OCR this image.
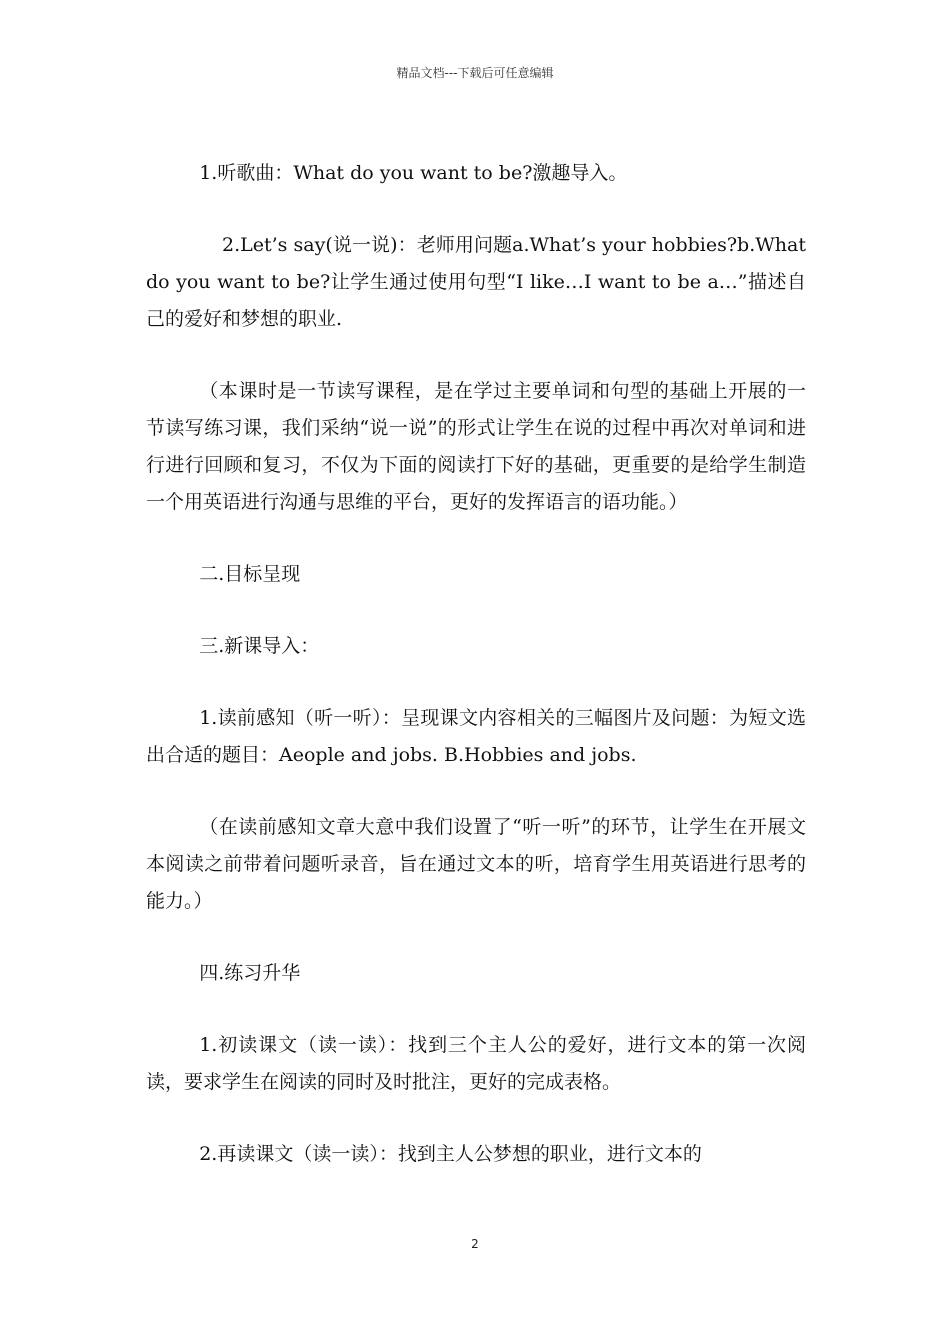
精品文档---下载后可任意编辑

1.听歌曲：What do you want to be?激趣导入。

2.Let’s say(说一说)：老师用问题a.What’s your hobbies?b.What do you want to be?让学生通过使用句型“I like…I want to be a…”描述自己的爱好和梦想的职业.

（本课时是一节读写课程，是在学过主要单词和句型的基础上开展的一节读写练习课，我们采纳“说一说”的形式让学生在说的过程中再次对单词和进行进行回顾和复习，不仅为下面的阅读打下好的基础，更重要的是给学生制造一个用英语进行沟通与思维的平台，更好的发挥语言的语功能。）

二.目标呈现

三.新课导入：

1.读前感知（听一听）：呈现课文内容相关的三幅图片及问题：为短文选出合适的题目：Aeople and jobs. B.Hobbies and jobs.

（在读前感知文章大意中我们设置了“听一听”的环节，让学生在开展文本阅读之前带着问题听录音，旨在通过文本的听，培育学生用英语进行思考的能力。）

四.练习升华

1.初读课文（读一读）：找到三个主人公的爱好，进行文本的第一次阅读，要求学生在阅读的同时及时批注，更好的完成表格。

2.再读课文（读一读）：找到主人公梦想的职业，进行文本的

2
